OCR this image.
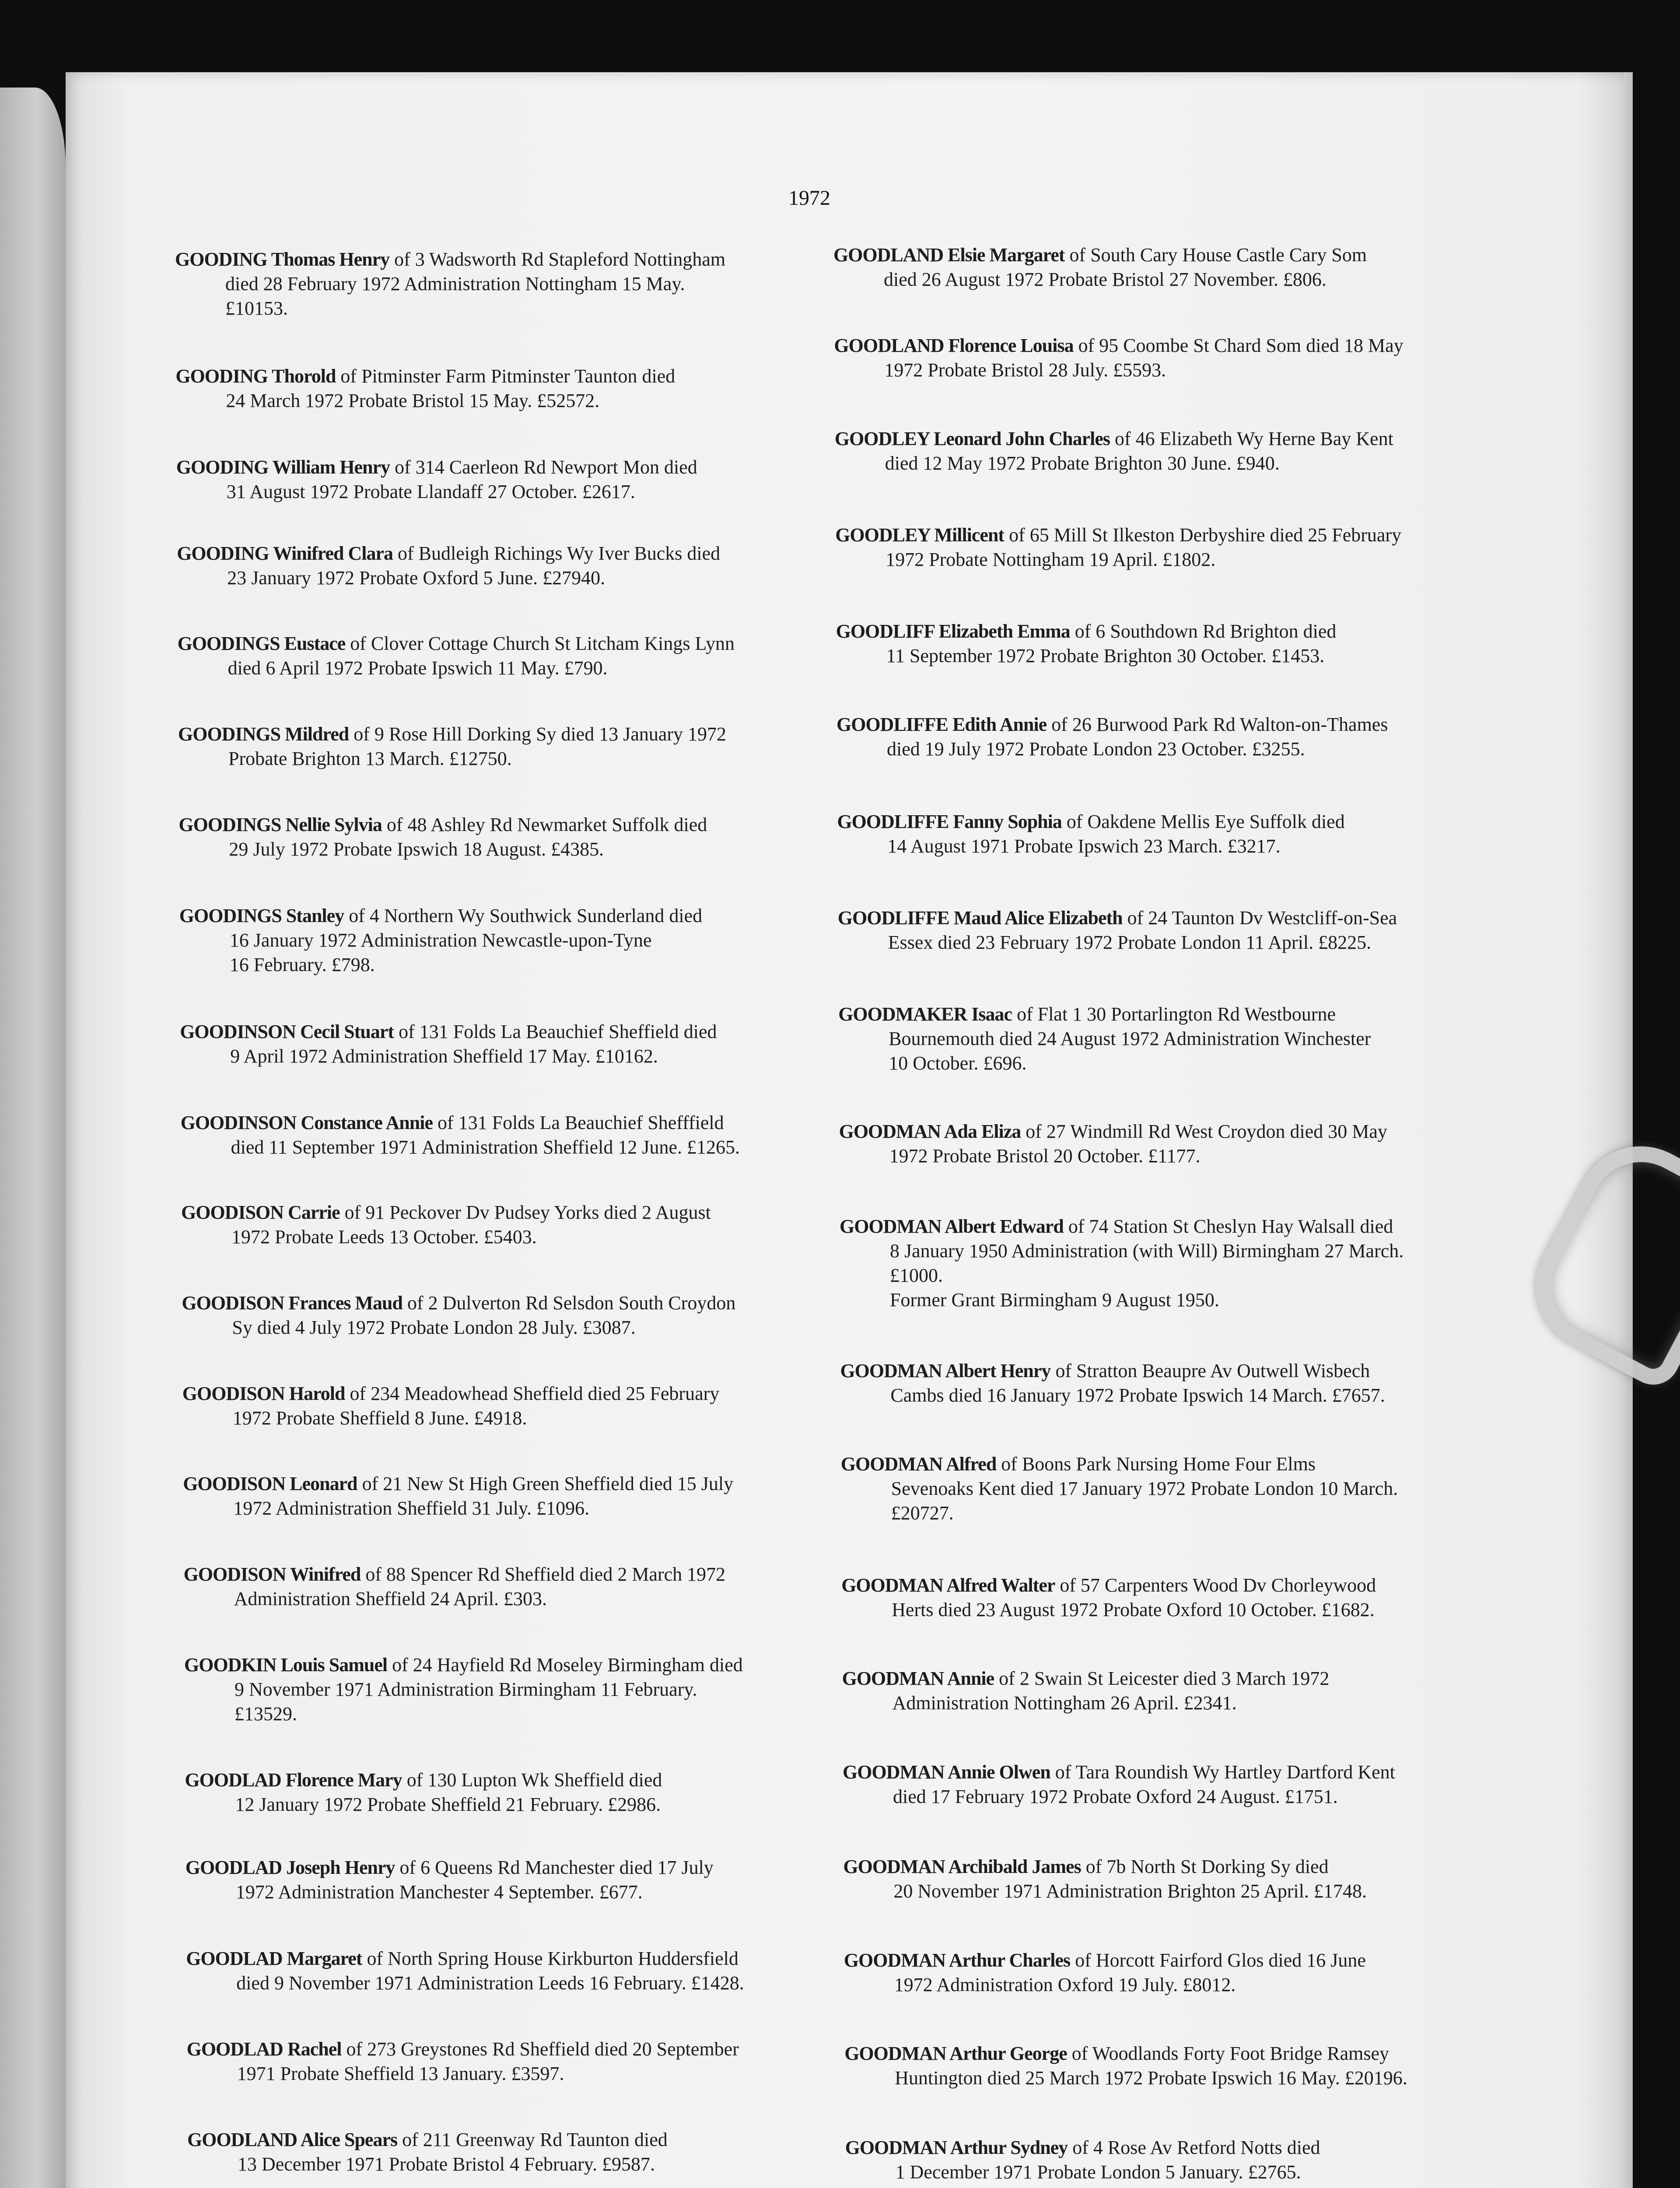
1972
GOODING Thomas Henry of 3 Wadsworth Rd Stapleford Nottingham
died 28 February 1972 Administration Nottingham 15 May.
£10153.
GOODING Thorold of Pitminster Farm Pitminster Taunton died
24 March 1972 Probate Bristol 15 May. £52572.
GOODING William Henry of 314 Caerleon Rd Newport Mon died
31 August 1972 Probate Llandaff 27 October. £2617.
GOODING Winifred Clara of Budleigh Richings Wy Iver Bucks died
23 January 1972 Probate Oxford 5 June. £27940.
GOODINGS Eustace of Clover Cottage Church St Litcham Kings Lynn
died 6 April 1972 Probate Ipswich 11 May. £790.
GOODINGS Mildred of 9 Rose Hill Dorking Sy died 13 January 1972
Probate Brighton 13 March. £12750.
GOODINGS Nellie Sylvia of 48 Ashley Rd Newmarket Suffolk died
29 July 1972 Probate Ipswich 18 August. £4385.
GOODINGS Stanley of 4 Northern Wy Southwick Sunderland died
16 January 1972 Administration Newcastle-upon-Tyne
16 February. £798.
GOODINSON Cecil Stuart of 131 Folds La Beauchief Sheffield died
9 April 1972 Administration Sheffield 17 May. £10162.
GOODINSON Constance Annie of 131 Folds La Beauchief Shefffield
died 11 September 1971 Administration Sheffield 12 June. £1265.
GOODISON Carrie of 91 Peckover Dv Pudsey Yorks died 2 August
1972 Probate Leeds 13 October. £5403.
GOODISON Frances Maud of 2 Dulverton Rd Selsdon South Croydon
Sy died 4 July 1972 Probate London 28 July. £3087.
GOODISON Harold of 234 Meadowhead Sheffield died 25 February
1972 Probate Sheffield 8 June. £4918.
GOODISON Leonard of 21 New St High Green Sheffield died 15 July
1972 Administration Sheffield 31 July. £1096.
GOODISON Winifred of 88 Spencer Rd Sheffield died 2 March 1972
Administration Sheffield 24 April. £303.
GOODKIN Louis Samuel of 24 Hayfield Rd Moseley Birmingham died
9 November 1971 Administration Birmingham 11 February.
£13529.
GOODLAD Florence Mary of 130 Lupton Wk Sheffield died
12 January 1972 Probate Sheffield 21 February. £2986.
GOODLAD Joseph Henry of 6 Queens Rd Manchester died 17 July
1972 Administration Manchester 4 September. £677.
GOODLAD Margaret of North Spring House Kirkburton Huddersfield
died 9 November 1971 Administration Leeds 16 February. £1428.
GOODLAD Rachel of 273 Greystones Rd Sheffield died 20 September
1971 Probate Sheffield 13 January. £3597.
GOODLAND Alice Spears of 211 Greenway Rd Taunton died
13 December 1971 Probate Bristol 4 February. £9587.
GOODLAND Elsie Margaret of South Cary House Castle Cary Som
died 26 August 1972 Probate Bristol 27 November. £806.
GOODLAND Florence Louisa of 95 Coombe St Chard Som died 18 May
1972 Probate Bristol 28 July. £5593.
GOODLEY Leonard John Charles of 46 Elizabeth Wy Herne Bay Kent
died 12 May 1972 Probate Brighton 30 June. £940.
GOODLEY Millicent of 65 Mill St Ilkeston Derbyshire died 25 February
1972 Probate Nottingham 19 April. £1802.
GOODLIFF Elizabeth Emma of 6 Southdown Rd Brighton died
11 September 1972 Probate Brighton 30 October. £1453.
GOODLIFFE Edith Annie of 26 Burwood Park Rd Walton-on-Thames
died 19 July 1972 Probate London 23 October. £3255.
GOODLIFFE Fanny Sophia of Oakdene Mellis Eye Suffolk died
14 August 1971 Probate Ipswich 23 March. £3217.
GOODLIFFE Maud Alice Elizabeth of 24 Taunton Dv Westcliff-on-Sea
Essex died 23 February 1972 Probate London 11 April. £8225.
GOODMAKER Isaac of Flat 1 30 Portarlington Rd Westbourne
Bournemouth died 24 August 1972 Administration Winchester
10 October. £696.
GOODMAN Ada Eliza of 27 Windmill Rd West Croydon died 30 May
1972 Probate Bristol 20 October. £1177.
GOODMAN Albert Edward of 74 Station St Cheslyn Hay Walsall died
8 January 1950 Administration (with Will) Birmingham 27 March.
£1000.
Former Grant Birmingham 9 August 1950.
GOODMAN Albert Henry of Stratton Beaupre Av Outwell Wisbech
Cambs died 16 January 1972 Probate Ipswich 14 March. £7657.
GOODMAN Alfred of Boons Park Nursing Home Four Elms
Sevenoaks Kent died 17 January 1972 Probate London 10 March.
£20727.
GOODMAN Alfred Walter of 57 Carpenters Wood Dv Chorleywood
Herts died 23 August 1972 Probate Oxford 10 October. £1682.
GOODMAN Annie of 2 Swain St Leicester died 3 March 1972
Administration Nottingham 26 April. £2341.
GOODMAN Annie Olwen of Tara Roundish Wy Hartley Dartford Kent
died 17 February 1972 Probate Oxford 24 August. £1751.
GOODMAN Archibald James of 7b North St Dorking Sy died
20 November 1971 Administration Brighton 25 April. £1748.
GOODMAN Arthur Charles of Horcott Fairford Glos died 16 June
1972 Administration Oxford 19 July. £8012.
GOODMAN Arthur George of Woodlands Forty Foot Bridge Ramsey
Huntington died 25 March 1972 Probate Ipswich 16 May. £20196.
GOODMAN Arthur Sydney of 4 Rose Av Retford Notts died
1 December 1971 Probate London 5 January. £2765.
